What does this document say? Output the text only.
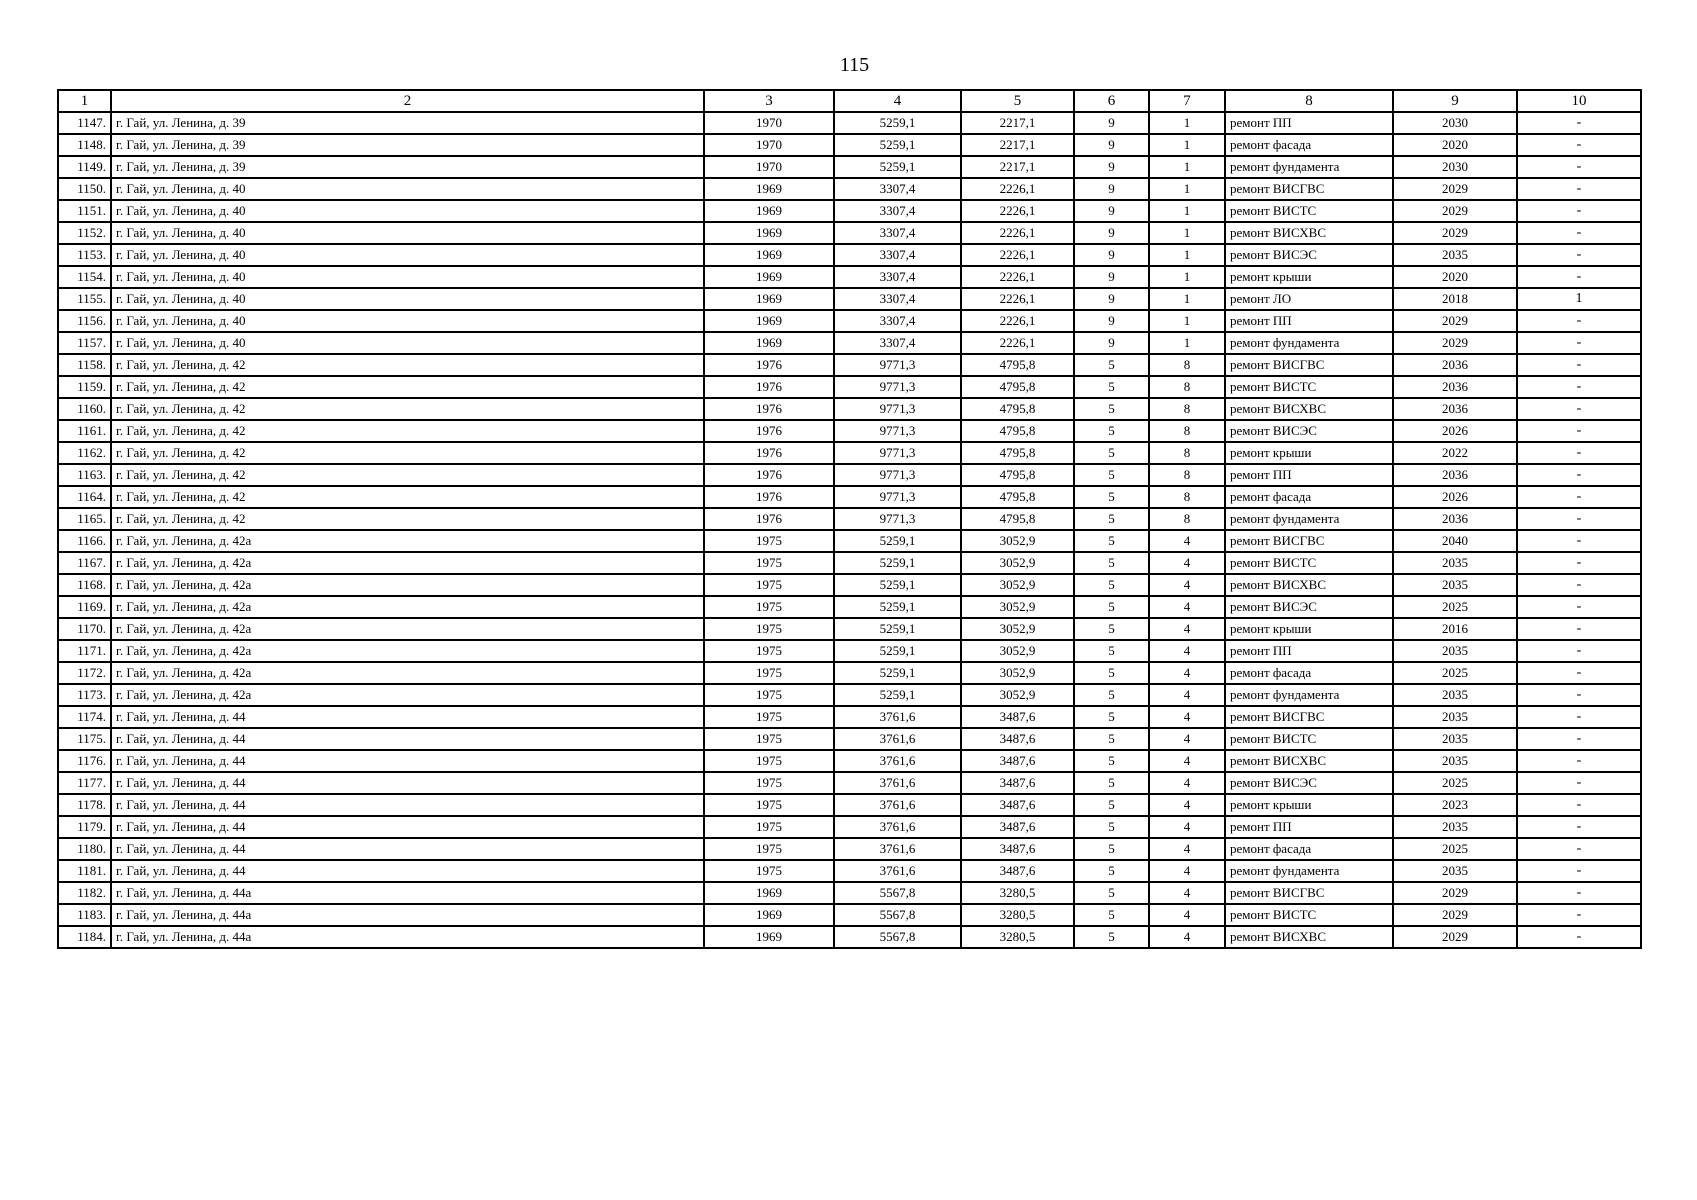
115
1	2	3	4	5	6	7	8	9	10
1147.	г. Гай, ул. Ленина, д. 39	1970	5259,1	2217,1	9	1	ремонт ПП	2030	-
1148.	г. Гай, ул. Ленина, д. 39	1970	5259,1	2217,1	9	1	ремонт фасада	2020	-
1149.	г. Гай, ул. Ленина, д. 39	1970	5259,1	2217,1	9	1	ремонт фундамента	2030	-
1150.	г. Гай, ул. Ленина, д. 40	1969	3307,4	2226,1	9	1	ремонт ВИСГВС	2029	-
1151.	г. Гай, ул. Ленина, д. 40	1969	3307,4	2226,1	9	1	ремонт ВИСТС	2029	-
1152.	г. Гай, ул. Ленина, д. 40	1969	3307,4	2226,1	9	1	ремонт ВИСХВС	2029	-
1153.	г. Гай, ул. Ленина, д. 40	1969	3307,4	2226,1	9	1	ремонт ВИСЭС	2035	-
1154.	г. Гай, ул. Ленина, д. 40	1969	3307,4	2226,1	9	1	ремонт крыши	2020	-
1155.	г. Гай, ул. Ленина, д. 40	1969	3307,4	2226,1	9	1	ремонт ЛО	2018	1
1156.	г. Гай, ул. Ленина, д. 40	1969	3307,4	2226,1	9	1	ремонт ПП	2029	-
1157.	г. Гай, ул. Ленина, д. 40	1969	3307,4	2226,1	9	1	ремонт фундамента	2029	-
1158.	г. Гай, ул. Ленина, д. 42	1976	9771,3	4795,8	5	8	ремонт ВИСГВС	2036	-
1159.	г. Гай, ул. Ленина, д. 42	1976	9771,3	4795,8	5	8	ремонт ВИСТС	2036	-
1160.	г. Гай, ул. Ленина, д. 42	1976	9771,3	4795,8	5	8	ремонт ВИСХВС	2036	-
1161.	г. Гай, ул. Ленина, д. 42	1976	9771,3	4795,8	5	8	ремонт ВИСЭС	2026	-
1162.	г. Гай, ул. Ленина, д. 42	1976	9771,3	4795,8	5	8	ремонт крыши	2022	-
1163.	г. Гай, ул. Ленина, д. 42	1976	9771,3	4795,8	5	8	ремонт ПП	2036	-
1164.	г. Гай, ул. Ленина, д. 42	1976	9771,3	4795,8	5	8	ремонт фасада	2026	-
1165.	г. Гай, ул. Ленина, д. 42	1976	9771,3	4795,8	5	8	ремонт фундамента	2036	-
1166.	г. Гай, ул. Ленина, д. 42а	1975	5259,1	3052,9	5	4	ремонт ВИСГВС	2040	-
1167.	г. Гай, ул. Ленина, д. 42а	1975	5259,1	3052,9	5	4	ремонт ВИСТС	2035	-
1168.	г. Гай, ул. Ленина, д. 42а	1975	5259,1	3052,9	5	4	ремонт ВИСХВС	2035	-
1169.	г. Гай, ул. Ленина, д. 42а	1975	5259,1	3052,9	5	4	ремонт ВИСЭС	2025	-
1170.	г. Гай, ул. Ленина, д. 42а	1975	5259,1	3052,9	5	4	ремонт крыши	2016	-
1171.	г. Гай, ул. Ленина, д. 42а	1975	5259,1	3052,9	5	4	ремонт ПП	2035	-
1172.	г. Гай, ул. Ленина, д. 42а	1975	5259,1	3052,9	5	4	ремонт фасада	2025	-
1173.	г. Гай, ул. Ленина, д. 42а	1975	5259,1	3052,9	5	4	ремонт фундамента	2035	-
1174.	г. Гай, ул. Ленина, д. 44	1975	3761,6	3487,6	5	4	ремонт ВИСГВС	2035	-
1175.	г. Гай, ул. Ленина, д. 44	1975	3761,6	3487,6	5	4	ремонт ВИСТС	2035	-
1176.	г. Гай, ул. Ленина, д. 44	1975	3761,6	3487,6	5	4	ремонт ВИСХВС	2035	-
1177.	г. Гай, ул. Ленина, д. 44	1975	3761,6	3487,6	5	4	ремонт ВИСЭС	2025	-
1178.	г. Гай, ул. Ленина, д. 44	1975	3761,6	3487,6	5	4	ремонт крыши	2023	-
1179.	г. Гай, ул. Ленина, д. 44	1975	3761,6	3487,6	5	4	ремонт ПП	2035	-
1180.	г. Гай, ул. Ленина, д. 44	1975	3761,6	3487,6	5	4	ремонт фасада	2025	-
1181.	г. Гай, ул. Ленина, д. 44	1975	3761,6	3487,6	5	4	ремонт фундамента	2035	-
1182.	г. Гай, ул. Ленина, д. 44а	1969	5567,8	3280,5	5	4	ремонт ВИСГВС	2029	-
1183.	г. Гай, ул. Ленина, д. 44а	1969	5567,8	3280,5	5	4	ремонт ВИСТС	2029	-
1184.	г. Гай, ул. Ленина, д. 44а	1969	5567,8	3280,5	5	4	ремонт ВИСХВС	2029	-
